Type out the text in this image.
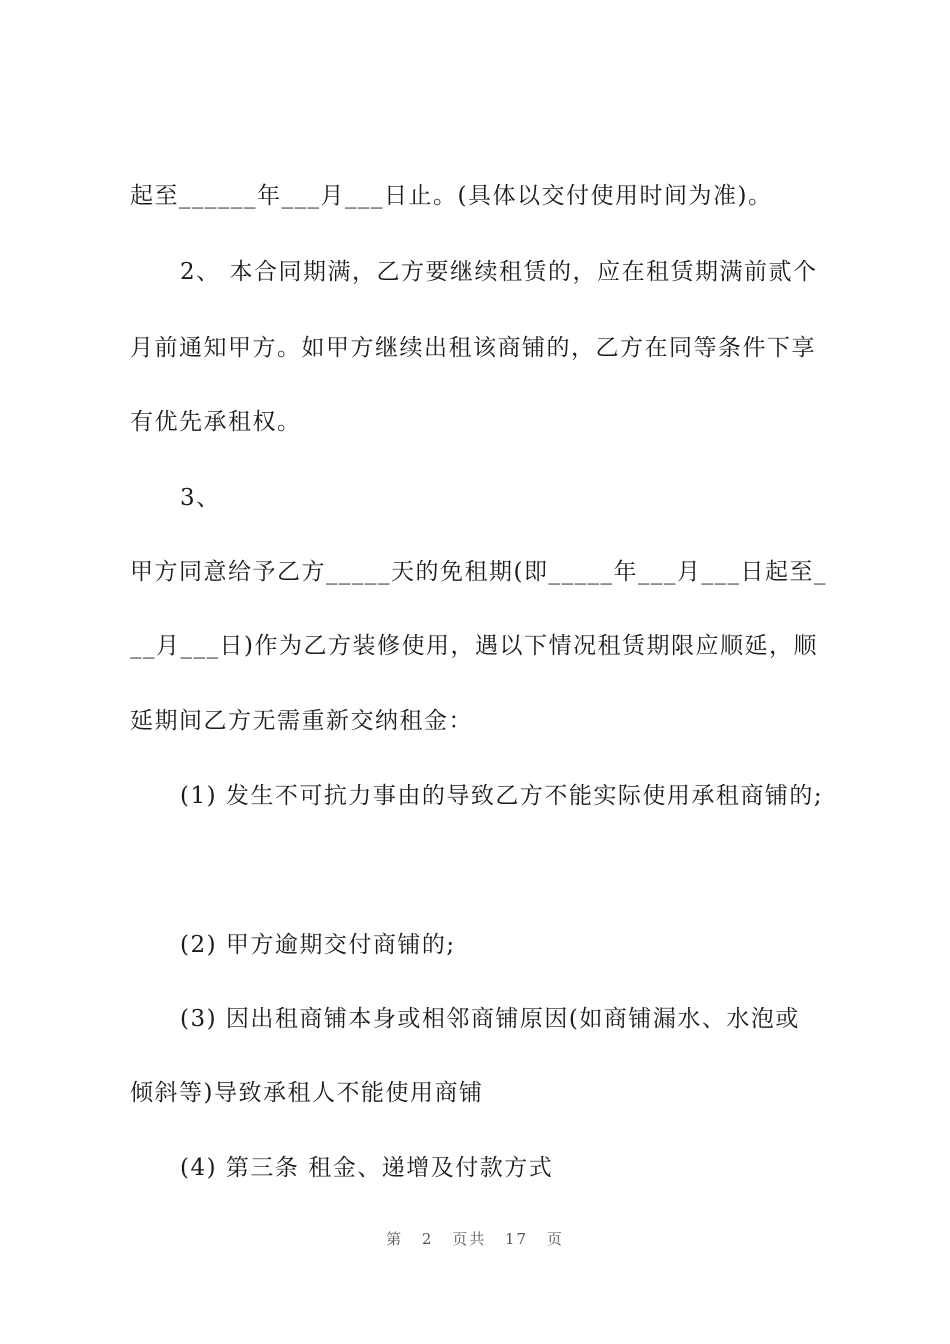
起至______年___月___日止。(具体以交付使用时间为准)。
2、 本合同期满，乙方要继续租赁的，应在租赁期满前贰个
月前通知甲方。如甲方继续出租该商铺的，乙方在同等条件下享
有优先承租权。
3、
甲方同意给予乙方_____天的免租期(即_____年___月___日起至_
__月___日)作为乙方装修使用，遇以下情况租赁期限应顺延，顺
延期间乙方无需重新交纳租金：
(1) 发生不可抗力事由的导致乙方不能实际使用承租商铺的;
(2) 甲方逾期交付商铺的;
(3) 因出租商铺本身或相邻商铺原因(如商铺漏水、水泡或
倾斜等)导致承租人不能使用商铺
(4) 第三条 租金、递增及付款方式
第 2 页共 17 页
